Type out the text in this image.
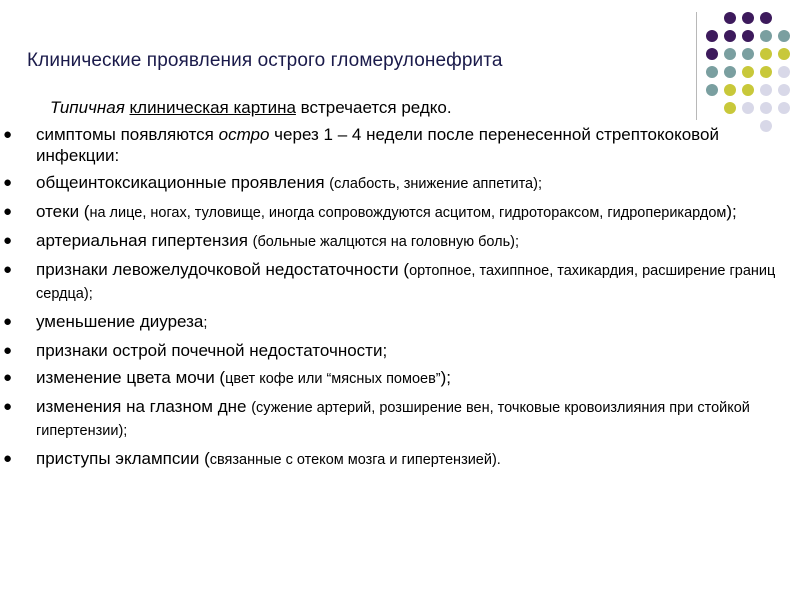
Клинические проявления острого гломерулонефрита
Типичная клиническая картина встречается редко.
● симптомы появляются остро через 1 – 4 недели после перенесенной стрептококовой инфекции:
● общеинтоксикационные проявления (слабость, знижение аппетита);
● отеки (на лице, ногах, туловище, иногда сопровождуются асцитом, гидротораксом, гидроперикардом);
● артериальная гипертензия (больные жалцются на головную боль);
● признаки левожелудочковой недостаточности (ортопное, тахиппное, тахикардия, расширение границ сердца);
● уменьшение диуреза;
● признаки острой почечной недостаточности;
● изменение цвета мочи (цвет кофе или “мясных помоев”);
● изменения на глазном дне (сужение артерий, розширение вен, точковые кровоизлияния при стойкой гипертензии);
● приступы эклампсии (связанные с отеком мозга и гипертензией).
